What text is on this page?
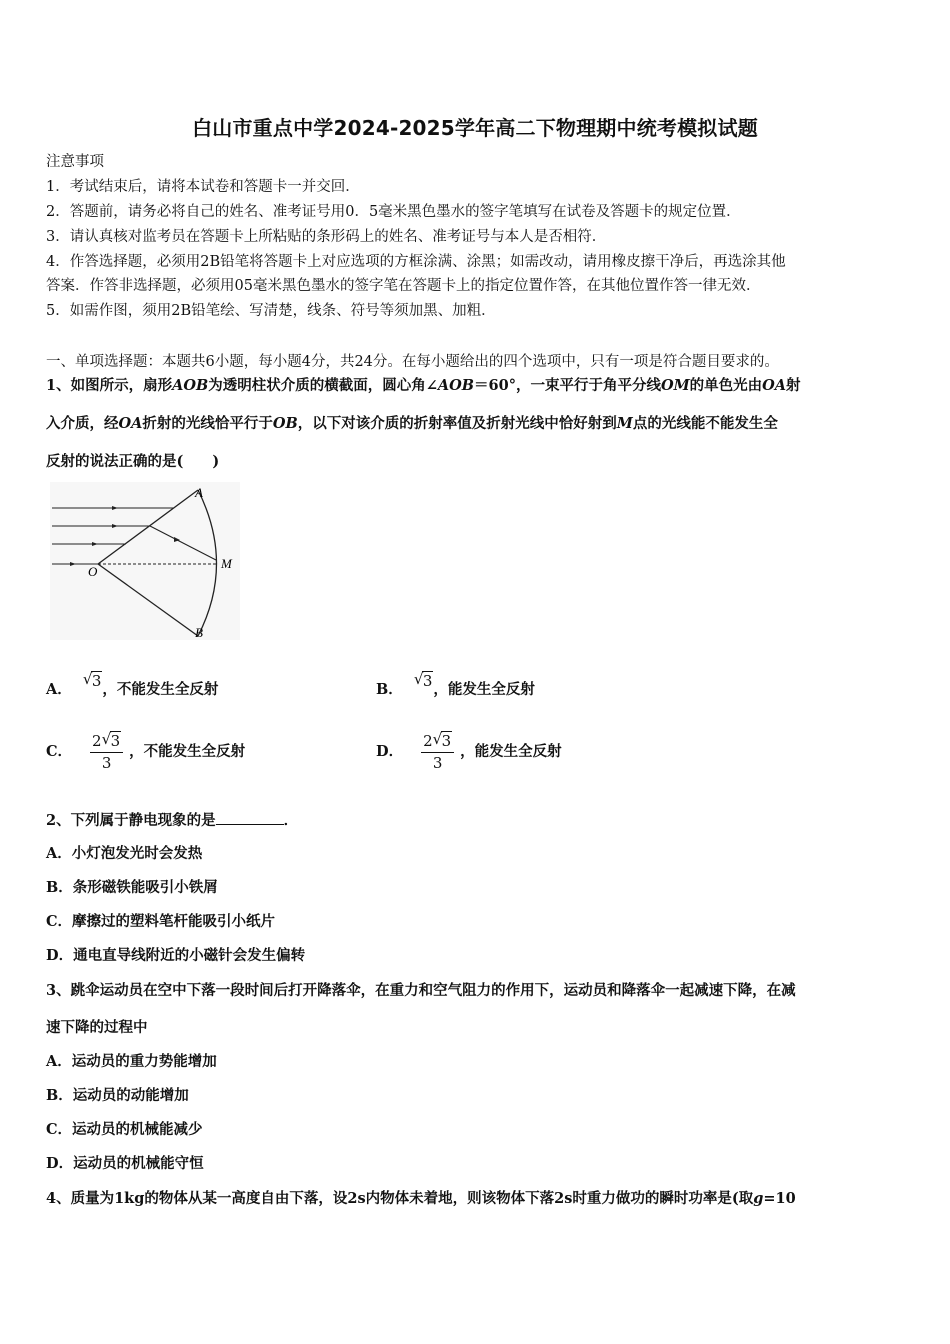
白山市重点中学2024-2025学年高二下物理期中统考模拟试题
注意事项
1．考试结束后，请将本试卷和答题卡一并交回．
2．答题前，请务必将自己的姓名、准考证号用0．5毫米黑色墨水的签字笔填写在试卷及答题卡的规定位置．
3．请认真核对监考员在答题卡上所粘贴的条形码上的姓名、准考证号与本人是否相符．
4．作答选择题，必须用2B铅笔将答题卡上对应选项的方框涂满、涂黑；如需改动，请用橡皮擦干净后，再选涂其他
答案．作答非选择题，必须用05毫米黑色墨水的签字笔在答题卡上的指定位置作答，在其他位置作答一律无效．
5．如需作图，须用2B铅笔绘、写清楚，线条、符号等须加黑、加粗．
一、单项选择题：本题共6小题，每小题4分，共24分。在每小题给出的四个选项中，只有一项是符合题目要求的。
1、如图所示，扇形AOB为透明柱状介质的横截面，圆心角∠AOB＝60°，一束平行于角平分线OM的单色光由OA射
入介质，经OA折射的光线恰平行于OB，以下对该介质的折射率值及折射光线中恰好射到M点的光线能不能发生全
反射的说法正确的是(　　)
A
B
O
M
A．
√ 3，不能发生全反射	B．
√ 3，能发生全反射
C． $\frac{2 √ 3}{3}$ ，不能发生全反射	D． $\frac{2 √ 3}{3}$ ，能发生全反射
2、下列属于静电现象的是	．
A．小灯泡发光时会发热
B．条形磁铁能吸引小铁屑
C．摩擦过的塑料笔杆能吸引小纸片
D．通电直导线附近的小磁针会发生偏转
3、跳伞运动员在空中下落一段时间后打开降落伞，在重力和空气阻力的作用下，运动员和降落伞一起减速下降，在减
速下降的过程中
A．运动员的重力势能增加
B．运动员的动能增加
C．运动员的机械能减少
D．运动员的机械能守恒
4、质量为1kg的物体从某一高度自由下落，设2s内物体未着地，则该物体下落2s时重力做功的瞬时功率是(取g=10
